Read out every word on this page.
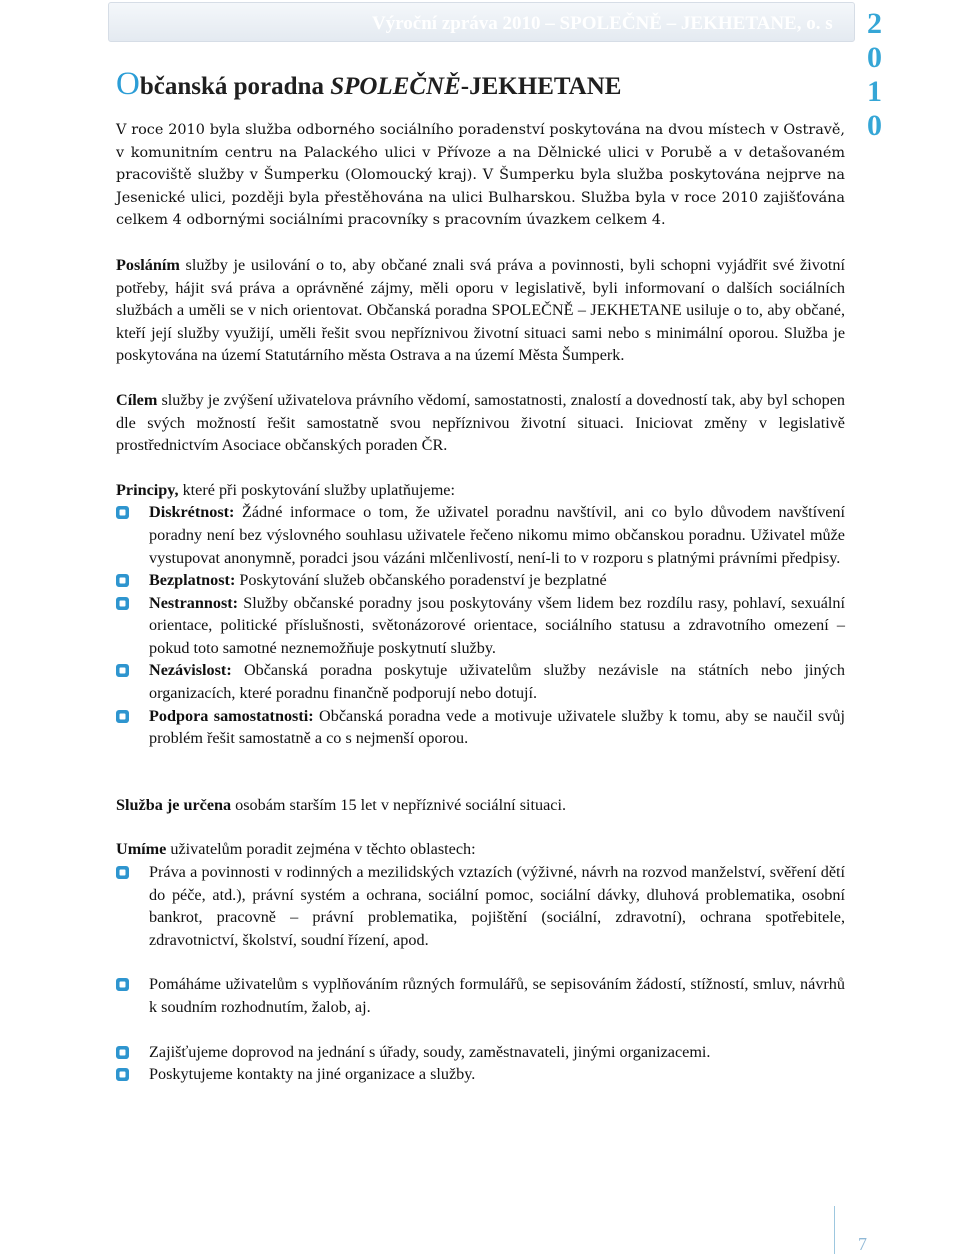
Výroční zpráva 2010 – SPOLEČNĚ – JEKHETANE, o. s 2 0 1 0
Občanská poradna SPOLEČNĚ-JEKHETANE

V roce 2010 byla služba odborného sociálního poradenství poskytována na dvou místech v Ostravě, v komunitním centru na Palackého ulici v Přívoze a na Dělnické ulici v Porubě a v detašovaném pracoviště služby v Šumperku (Olomoucký kraj). V Šumperku byla služba poskytována nejprve na Jesenické ulici, později byla přestěhována na ulici Bulharskou. Služba byla v roce 2010 zajišťována celkem 4 odbornými sociálními pracovníky s pracovním úvazkem celkem 4.

Posláním služby je usilování o to, aby občané znali svá práva a povinnosti, byli schopni vyjádřit své životní potřeby, hájit svá práva a oprávněné zájmy, měli oporu v legislativě, byli informovaní o dalších sociálních službách a uměli se v nich orientovat. Občanská poradna SPOLEČNĚ – JEKHETANE usiluje o to, aby občané, kteří její služby využijí, uměli řešit svou nepříznivou životní situaci sami nebo s minimální oporou. Služba je poskytována na území Statutárního města Ostrava a na území Města Šumperk.

Cílem služby je zvýšení uživatelova právního vědomí, samostatnosti, znalostí a dovedností tak, aby byl schopen dle svých možností řešit samostatně svou nepříznivou životní situaci. Iniciovat změny v legislativě prostřednictvím Asociace občanských poraden ČR.

Principy, které při poskytování služby uplatňujeme:

Diskrétnost: Žádné informace o tom, že uživatel poradnu navštívil, ani co bylo důvodem navštívení poradny není bez výslovného souhlasu uživatele řečeno nikomu mimo občanskou poradnu. Uživatel může vystupovat anonymně, poradci jsou vázáni mlčenlivostí, není-li to v rozporu s platnými právními předpisy.
Bezplatnost: Poskytování služeb občanského poradenství je bezplatné
Nestrannost: Služby občanské poradny jsou poskytovány všem lidem bez rozdílu rasy, pohlaví, sexuální orientace, politické příslušnosti, světonázorové orientace, sociálního statusu a zdravotního omezení – pokud toto samotné neznemožňuje poskytnutí služby.
Nezávislost: Občanská poradna poskytuje uživatelům služby nezávisle na státních nebo jiných organizacích, které poradnu finančně podporují nebo dotují.
Podpora samostatnosti: Občanská poradna vede a motivuje uživatele služby k tomu, aby se naučil svůj problém řešit samostatně a co s nejmenší oporou.

Služba je určena osobám starším 15 let v nepříznivé sociální situaci.

Umíme uživatelům poradit zejména v těchto oblastech:

Práva a povinnosti v rodinných a mezilidských vztazích (výživné, návrh na rozvod manželství, svěření dětí do péče, atd.), právní systém a ochrana, sociální pomoc, sociální dávky, dluhová problematika, osobní bankrot, pracovně – právní problematika, pojištění (sociální, zdravotní), ochrana spotřebitele, zdravotnictví, školství, soudní řízení, apod.
Pomáháme uživatelům s vyplňováním různých formulářů, se sepisováním žádostí, stížností, smluv, návrhů k soudním rozhodnutím, žalob, aj.
Zajišťujeme doprovod na jednání s úřady, soudy, zaměstnavateli, jinými organizacemi.
Poskytujeme kontakty na jiné organizace a služby.
7
